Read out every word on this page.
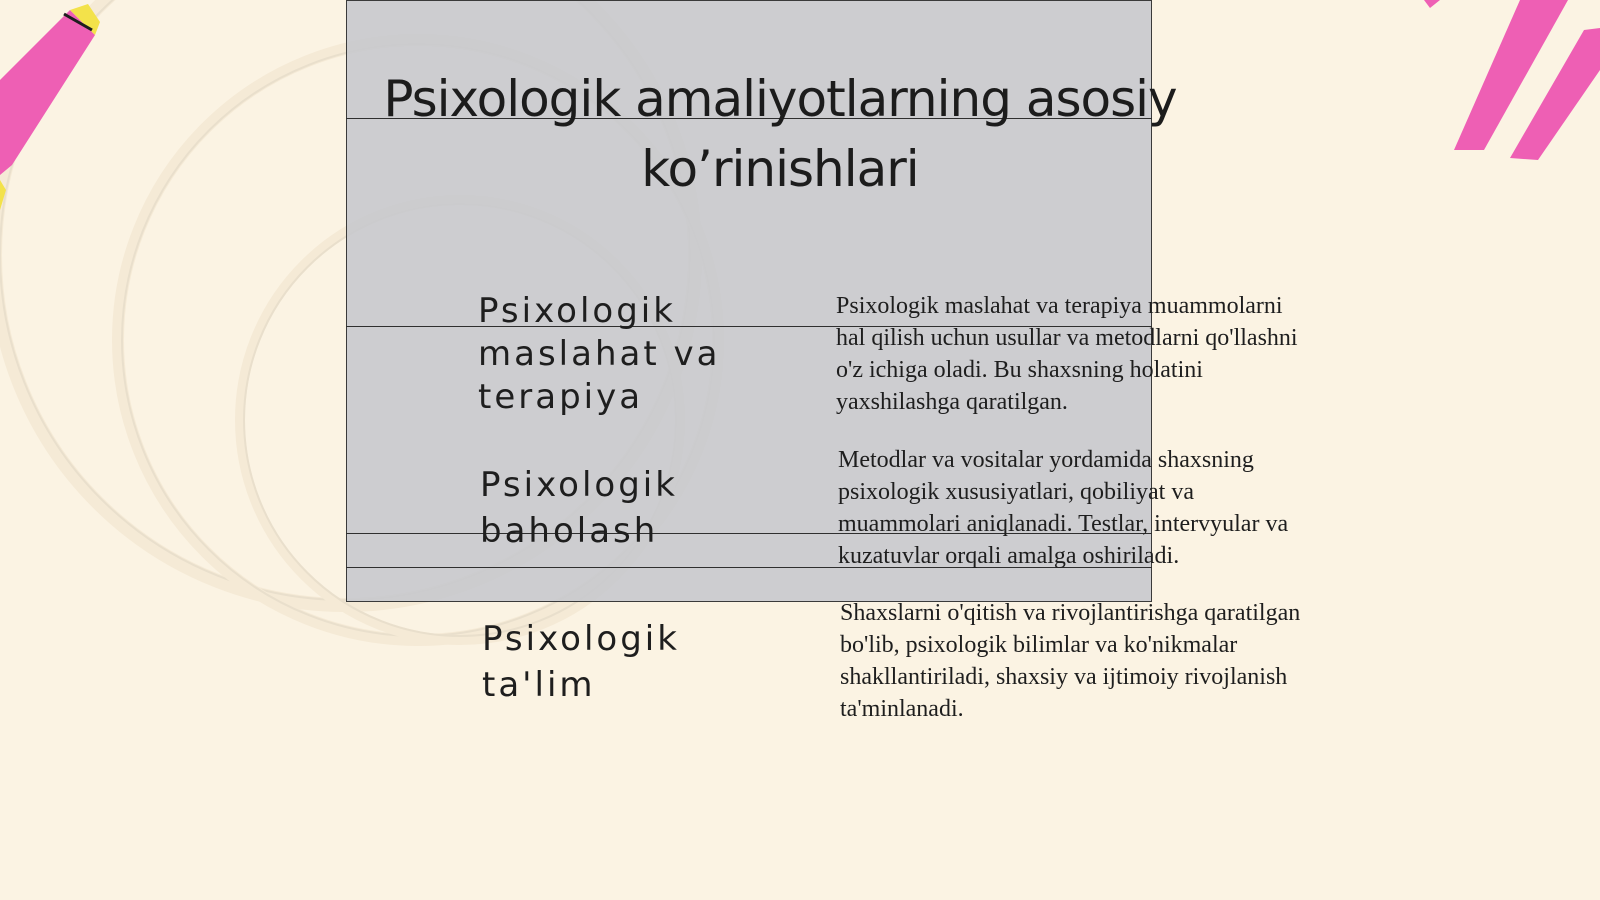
Psixologik amaliyotlarning asosiy ko’rinishlari

Psixologik maslahat va terapiya

Psixologik maslahat va terapiya muammolarni hal qilish uchun usullar va metodlarni qo'llashni o'z ichiga oladi. Bu shaxsning holatini yaxshilashga qaratilgan.

Psixologik baholash

Metodlar va vositalar yordamida shaxsning psixologik xususiyatlari, qobiliyat va muammolari aniqlanadi. Testlar, intervyular va kuzatuvlar orqali amalga oshiriladi.

Psixologik ta'lim

Shaxslarni o'qitish va rivojlantirishga qaratilgan bo'lib, psixologik bilimlar va ko'nikmalar shakllantiriladi, shaxsiy va ijtimoiy rivojlanish ta'minlanadi.
